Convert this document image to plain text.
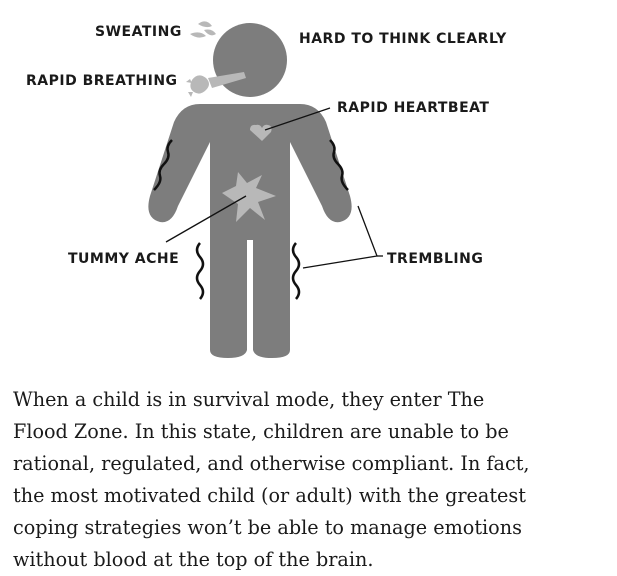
SWEATING	HARD TO THINK CLEARLY
RAPID BREATHING
RAPID HEARTBEAT
TUMMY ACHE	TREMBLING

When a child is in survival mode, they enter The Flood Zone. In this state, children are unable to be rational, regulated, and otherwise compliant. In fact, the most motivated child (or adult) with the greatest coping strategies won’t be able to manage emotions without blood at the top of the brain.
